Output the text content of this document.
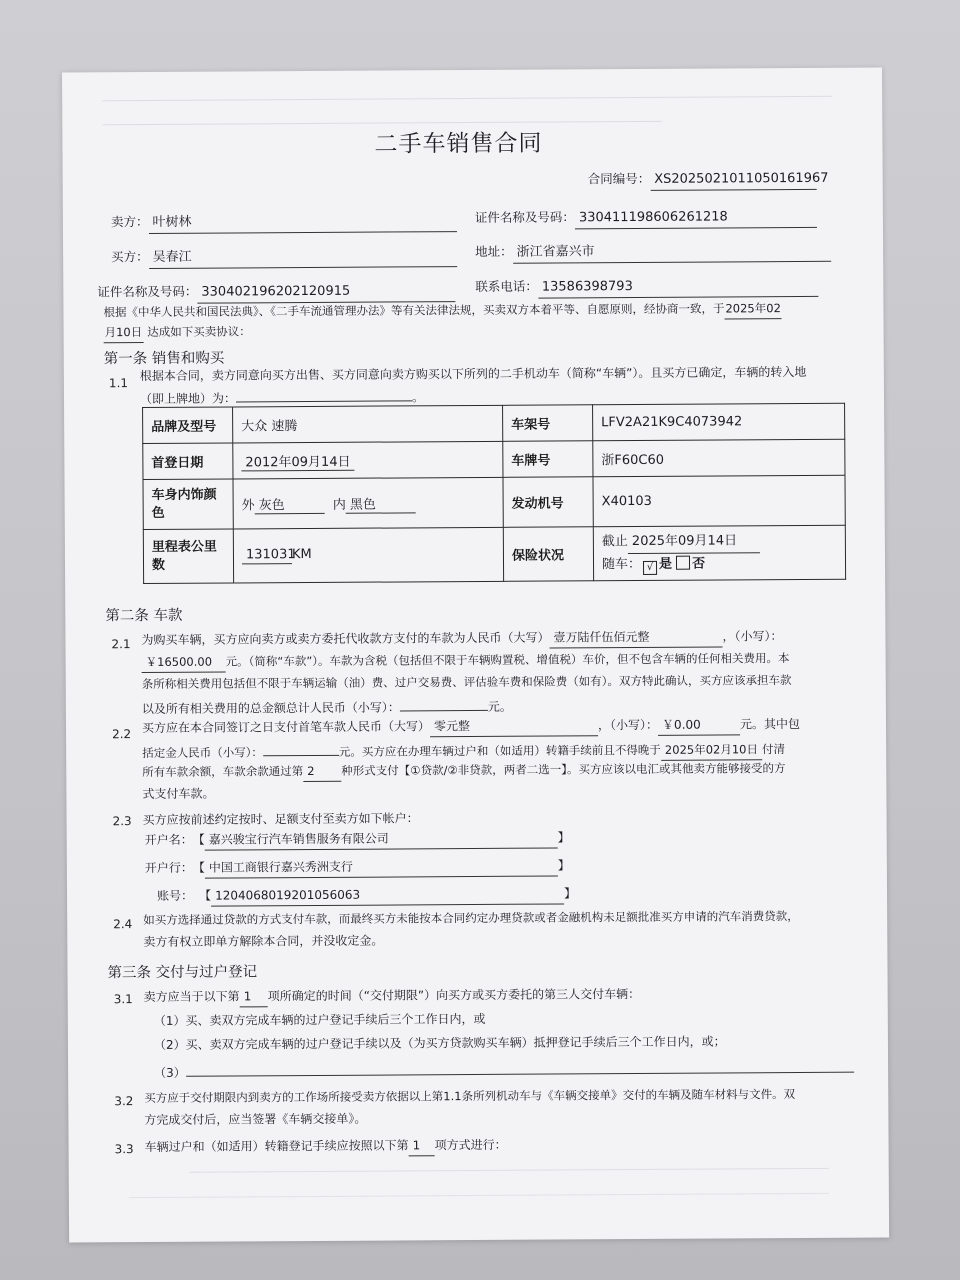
二手车销售合同
合同编号： XS2025021011050161967
卖方： 叶树林	证件名称及号码： 330411198606261218
买方： 吴春江	地址： 浙江省嘉兴市
证件名称及号码： 330402196202120915	联系电话： 13586398793
根据《中华人民共和国民法典》、《二手车流通管理办法》等有关法律法规，买卖双方本着平等、自愿原则，经协商一致，于2025年02
月10日 达成如下买卖协议：
第一条 销售和购买
1.1
根据本合同，卖方同意向买方出售、买方同意向卖方购买以下所列的二手机动车（简称“车辆”）。且买方已确定，车辆的转入地
（即上牌地）为：	。
品牌及型号	大众 速腾	车架号	LFV2A21K9C4073942
首登日期	2012年09月14日	车牌号	浙F60C60
车身内饰颜色	外 灰色 内 黑色	发动机号	X40103
里程表公里数	131031KM	保险状况	截止 2025年09月14日
随车： √ 是 否
第二条 车款
2.1 为购买车辆，买方应向卖方或卖方委托代收款方支付的车款为人民币（大写） 壹万陆仟伍佰元整	，（小写）：
￥16500.00 元。（简称“车款”）。车款为含税（包括但不限于车辆购置税、增值税）车价，但不包含车辆的任何相关费用。本
条所称相关费用包括但不限于车辆运输（油）费、过户交易费、评估验车费和保险费（如有）。双方特此确认，买方应该承担车款
以及所有相关费用的总金额总计人民币（小写）：	元。
2.2 买方应在本合同签订之日支付首笔车款人民币（大写） 零元整	，（小写）： ￥0.00	元。其中包
括定金人民币（小写）：	元。买方应在办理车辆过户和（如适用）转籍手续前且不得晚于 2025年02月10日 付清
所有车款余额，车款余款通过第 2 种形式支付【①贷款/②非贷款，两者二选一】。买方应该以电汇或其他卖方能够接受的方
式支付车款。
2.3 买方应按前述约定按时、足额支付至卖方如下帐户：
开户名： 【 嘉兴骏宝行汽车销售服务有限公司	】
开户行： 【 中国工商银行嘉兴秀洲支行	】
账号： 【 1204068019201056063	】
2.4 如买方选择通过贷款的方式支付车款，而最终买方未能按本合同约定办理贷款或者金融机构未足额批准买方申请的汽车消费贷款，
卖方有权立即单方解除本合同，并没收定金。
第三条 交付与过户登记
3.1 卖方应当于以下第 1 项所确定的时间（“交付期限”）向买方或买方委托的第三人交付车辆：
（1）买、卖双方完成车辆的过户登记手续后三个工作日内，或
（2）买、卖双方完成车辆的过户登记手续以及（为买方贷款购买车辆）抵押登记手续后三个工作日内，或；
（3）
3.2 买方应于交付期限内到卖方的工作场所接受卖方依据以上第1.1条所列机动车与《车辆交接单》交付的车辆及随车材料与文件。双
方完成交付后，应当签署《车辆交接单》。
3.3 车辆过户和（如适用）转籍登记手续应按照以下第 1 项方式进行：
